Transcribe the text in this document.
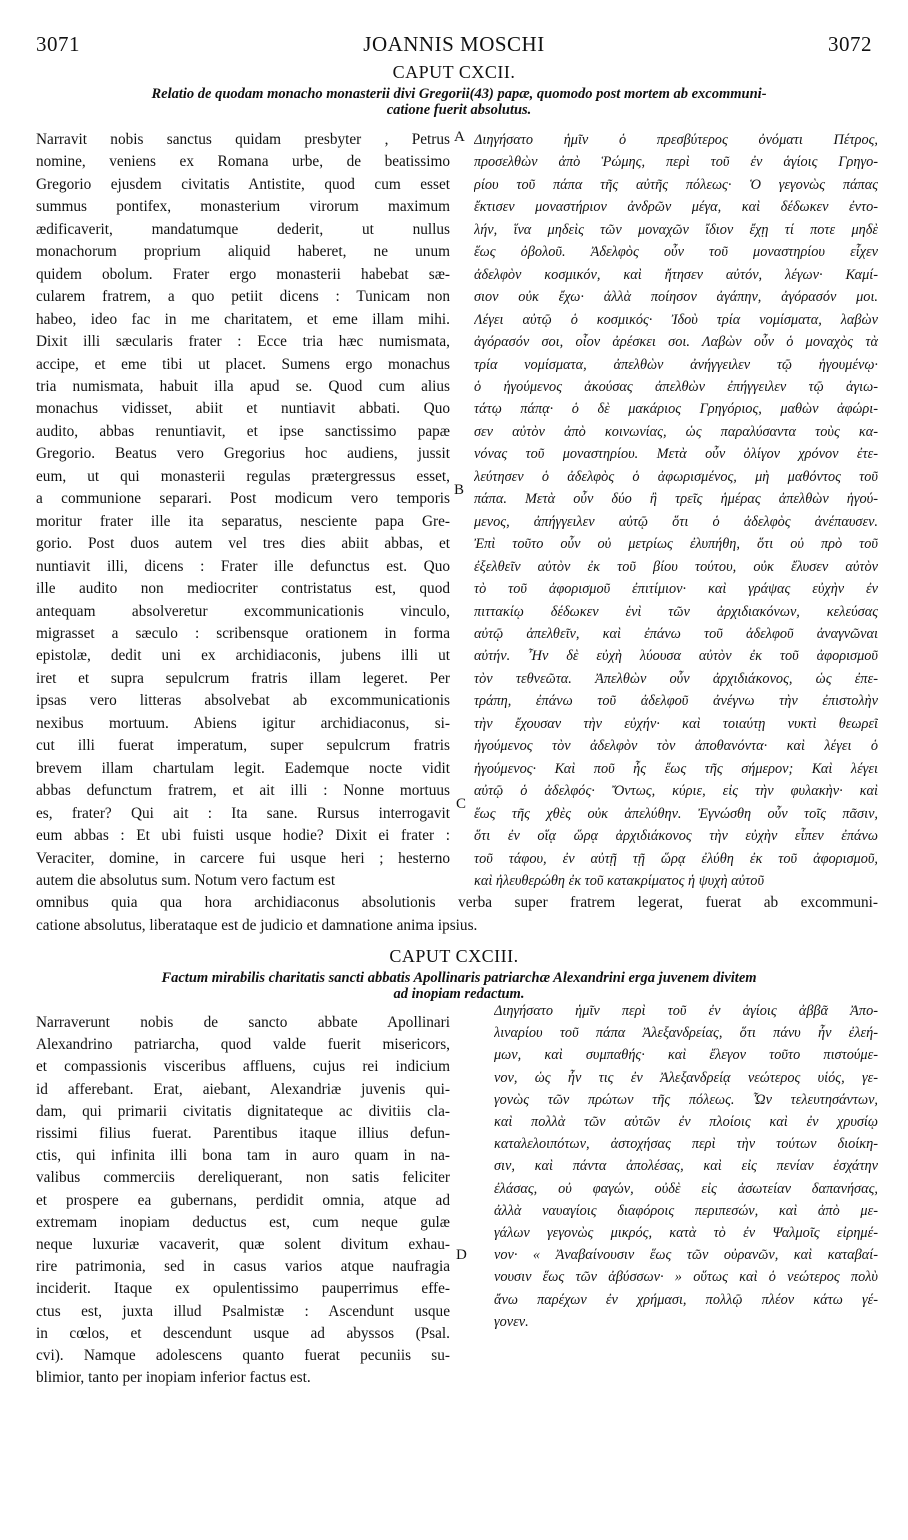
3071	JOANNIS MOSCHI	3072
CAPUT CXCII.
Relatio de quodam monacho monasterii divi Gregorii(43) papæ, quomodo post mortem ab excommuni-
catione fuerit absolutus.
Narravit nobis sanctus quidam presbyter , Petrus
nomine, veniens ex Romana urbe, de beatissimo
Gregorio ejusdem civitatis Antistite, quod cum esset
summus pontifex, monasterium virorum maximum
ædificaverit, mandatumque dederit, ut nullus
monachorum proprium aliquid haberet, ne unum
quidem obolum. Frater ergo monasterii habebat sæ-
cularem fratrem, a quo petiit dicens : Tunicam non
habeo, ideo fac in me charitatem, et eme illam mihi.
Dixit illi sæcularis frater : Ecce tria hæc numismata,
accipe, et eme tibi ut placet. Sumens ergo monachus
tria numismata, habuit illa apud se. Quod cum alius
monachus vidisset, abiit et nuntiavit abbati. Quo
audito, abbas renuntiavit, et ipse sanctissimo papæ
Gregorio. Beatus vero Gregorius hoc audiens, jussit
eum, ut qui monasterii regulas prætergressus esset,
a communione separari. Post modicum vero temporis
moritur frater ille ita separatus, nesciente papa Gre-
gorio. Post duos autem vel tres dies abiit abbas, et
nuntiavit illi, dicens : Frater ille defunctus est. Quo
ille audito non mediocriter contristatus est, quod
antequam absolveretur excommunicationis vinculo,
migrasset a sæculo : scribensque orationem in forma
epistolæ, dedit uni ex archidiaconis, jubens illi ut
iret et supra sepulcrum fratris illam legeret. Per
ipsas vero litteras absolvebat ab excommunicationis
nexibus mortuum. Abiens igitur archidiaconus, si-
cut illi fuerat imperatum, super sepulcrum fratris
brevem illam chartulam legit. Eademque nocte vidit
abbas defunctum fratrem, et ait illi : Nonne mortuus
es, frater? Qui ait : Ita sane. Rursus interrogavit
eum abbas : Et ubi fuisti usque hodie? Dixit ei frater :
Veraciter, domine, in carcere fui usque heri ; hesterno
autem die absolutus sum. Notum vero factum est
Διηγήσατο ἡμῖν ὁ πρεσβύτερος ὀνόματι Πέτρος,
προσελθὼν ἀπὸ Ῥώμης, περὶ τοῦ ἐν ἁγίοις Γρηγο-
ρίου τοῦ πάπα τῆς αὐτῆς πόλεως· Ὁ γεγονὼς πάπας
ἔκτισεν μοναστήριον ἀνδρῶν μέγα, καὶ δέδωκεν ἐντο-
λήν, ἵνα μηδεὶς τῶν μοναχῶν ἴδιον ἔχῃ τί ποτε μηδὲ
ἕως ὀβολοῦ. Ἀδελφὸς οὖν τοῦ μοναστηρίου εἶχεν
ἀδελφὸν κοσμικόν, καὶ ἤτησεν αὐτόν, λέγων· Καμί-
σιον οὐκ ἔχω· ἀλλὰ ποίησον ἀγάπην, ἀγόρασόν μοι.
Λέγει αὐτῷ ὁ κοσμικός· Ἰδοὺ τρία νομίσματα, λαβὼν
ἀγόρασόν σοι, οἷον ἀρέσκει σοι. Λαβὼν οὖν ὁ μοναχὸς τὰ
τρία νομίσματα, ἀπελθὼν ἀνήγγειλεν τῷ ἡγουμένῳ·
ὁ ἡγούμενος ἀκούσας ἀπελθὼν ἐπήγγειλεν τῷ ἁγιω-
τάτῳ πάπᾳ· ὁ δὲ μακάριος Γρηγόριος, μαθὼν ἀφώρι-
σεν αὐτὸν ἀπὸ κοινωνίας, ὡς παραλύσαντα τοὺς κα-
νόνας τοῦ μοναστηρίου. Μετὰ οὖν ὀλίγον χρόνον ἐτε-
λεύτησεν ὁ ἀδελφὸς ὁ ἀφωρισμένος, μὴ μαθόντος τοῦ
πάπα. Μετὰ οὖν δύο ἢ τρεῖς ἡμέρας ἀπελθὼν ἡγού-
μενος, ἀπήγγειλεν αὐτῷ ὅτι ὁ ἀδελφὸς ἀνέπαυσεν.
Ἐπὶ τοῦτο οὖν οὐ μετρίως ἐλυπήθη, ὅτι οὐ πρὸ τοῦ
ἐξελθεῖν αὐτὸν ἐκ τοῦ βίου τούτου, οὐκ ἔλυσεν αὐτὸν
τὸ τοῦ ἀφορισμοῦ ἐπιτίμιον· καὶ γράψας εὐχὴν ἐν
πιττακίῳ δέδωκεν ἑνὶ τῶν ἀρχιδιακόνων, κελεύσας
αὐτῷ ἀπελθεῖν, καὶ ἐπάνω τοῦ ἀδελφοῦ ἀναγνῶναι
αὐτήν. Ἦν δὲ εὐχὴ λύουσα αὐτὸν ἐκ τοῦ ἀφορισμοῦ
τὸν τεθνεῶτα. Ἀπελθὼν οὖν ἀρχιδιάκονος, ὡς ἐπε-
τράπη, ἐπάνω τοῦ ἀδελφοῦ ἀνέγνω τὴν ἐπιστολὴν
τὴν ἔχουσαν τὴν εὐχήν· καὶ τοιαύτῃ νυκτὶ θεωρεῖ
ἡγούμενος τὸν ἀδελφὸν τὸν ἀποθανόντα· καὶ λέγει ὁ
ἡγούμενος· Καὶ ποῦ ἧς ἕως τῆς σήμερον; Καὶ λέγει
αὐτῷ ὁ ἀδελφός· Ὄντως, κύριε, εἰς τὴν φυλακὴν· καὶ
ἕως τῆς χθὲς οὐκ ἀπελύθην. Ἐγνώσθη οὖν τοῖς πᾶσιν,
ὅτι ἐν οἵᾳ ὥρᾳ ἀρχιδιάκονος τὴν εὐχὴν εἶπεν ἐπάνω
τοῦ τάφου, ἐν αὐτῇ τῇ ὥρᾳ ἐλύθη ἐκ τοῦ ἀφορισμοῦ,
καὶ ἠλευθερώθη ἐκ τοῦ κατακρίματος ἡ ψυχὴ αὐτοῦ
omnibus quia qua hora archidiaconus absolutionis verba super fratrem legerat, fuerat ab excommuni-
catione absolutus, liberataque est de judicio et damnatione anima ipsius.
CAPUT CXCIII.
Factum mirabilis charitatis sancti abbatis Apollinaris patriarchæ Alexandrini erga juvenem divitem
ad inopiam redactum.
Narraverunt nobis de sancto abbate Apollinari
Alexandrino patriarcha, quod valde fuerit misericors,
et compassionis visceribus affluens, cujus rei indicium
id afferebant. Erat, aiebant, Alexandriæ juvenis qui-
dam, qui primarii civitatis dignitateque ac divitiis cla-
rissimi filius fuerat. Parentibus itaque illius defun-
ctis, qui infinita illi bona tam in auro quam in na-
valibus commerciis dereliquerant, non satis feliciter
et prospere ea gubernans, perdidit omnia, atque ad
extremam inopiam deductus est, cum neque gulæ
neque luxuriæ vacaverit, quæ solent divitum exhau-
rire patrimonia, sed in casus varios atque naufragia
inciderit. Itaque ex opulentissimo pauperrimus effe-
ctus est, juxta illud Psalmistæ : Ascendunt usque
in cœlos, et descendunt usque ad abyssos (Psal.
cvi). Namque adolescens quanto fuerat pecuniis su-
blimior, tanto per inopiam inferior factus est.
Διηγήσατο ἡμῖν περὶ τοῦ ἐν ἁγίοις ἀββᾶ Ἀπο-
λιναρίου τοῦ πάπα Ἀλεξανδρείας, ὅτι πάνυ ἦν ἐλεή-
μων, καὶ συμπαθής· καὶ ἔλεγον τοῦτο πιστούμε-
νον, ὡς ἦν τις ἐν Ἀλεξανδρείᾳ νεώτερος υἱός, γε-
γονὼς τῶν πρώτων τῆς πόλεως. Ὧν τελευτησάντων,
καὶ πολλὰ τῶν αὐτῶν ἐν πλοίοις καὶ ἐν χρυσίῳ
καταλελοιπότων, ἀστοχήσας περὶ τὴν τούτων διοίκη-
σιν, καὶ πάντα ἀπολέσας, καὶ εἰς πενίαν ἐσχάτην
ἐλάσας, οὐ φαγών, οὐδὲ εἰς ἀσωτείαν δαπανήσας,
ἀλλὰ ναυαγίοις διαφόροις περιπεσών, καὶ ἀπὸ με-
γάλων γεγονὼς μικρός, κατὰ τὸ ἐν Ψαλμοῖς εἰρημέ-
νον· « Ἀναβαίνουσιν ἕως τῶν οὐρανῶν, καὶ καταβαί-
νουσιν ἕως τῶν ἀβύσσων· » οὕτως καὶ ὁ νεώτερος πολὺ
ἄνω παρέχων ἐν χρήμασι, πολλῷ πλέον κάτω γέ-
γονεν.
A
B
C
D
